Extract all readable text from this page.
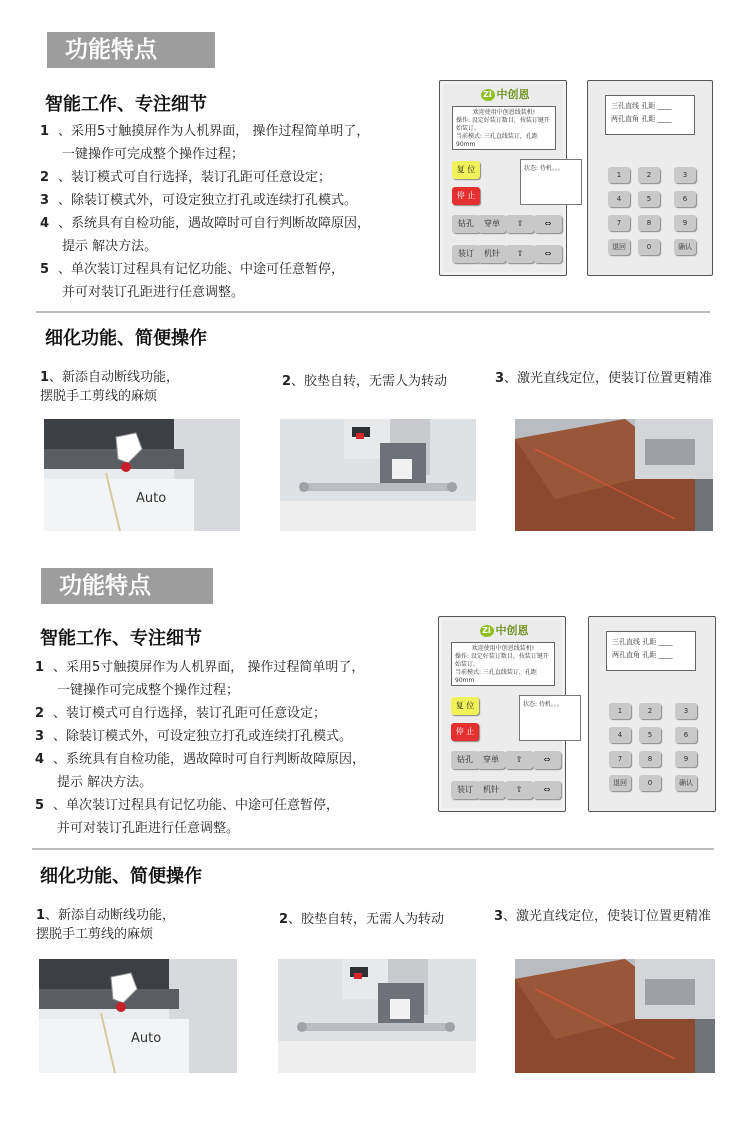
功能特点
智能工作、专注细节
1 、采用5寸触摸屏作为人机界面， 操作过程简单明了，
一键操作可完成整个操作过程；
2 、装订模式可自行选择，装订孔距可任意设定；
3 、除装订模式外，可设定独立打孔或连续打孔模式。
4 、系统具有自检功能，遇故障时可自行判断故障原因，
提示 解决方法。
5 、单次装订过程具有记忆功能、中途可任意暂停，
并可对装订孔距进行任意调整。
ZI 中创恩
欢迎使用中创恩线装机!
操作: 设定好装订数目，按装订键开始装订。
当前模式: 三孔直线装订，孔距90mm
复 位
停 止
状态: 待机。。。
钻孔	穿单	⇧	⇔
装订	机针	⇧	⇔
三孔直线 孔距 ____
两孔直角 孔距 ____
1	2	3
4	5	6
7	8	9
退回	0	确认
细化功能、简便操作
1、新添自动断线功能，
摆脱手工剪线的麻烦
2、胶垫自转，无需人为转动	3、激光直线定位，使装订位置更精准
Auto
功能特点
智能工作、专注细节
1 、采用5寸触摸屏作为人机界面， 操作过程简单明了，
一键操作可完成整个操作过程；
2 、装订模式可自行选择，装订孔距可任意设定；
3 、除装订模式外，可设定独立打孔或连续打孔模式。
4 、系统具有自检功能，遇故障时可自行判断故障原因，
提示 解决方法。
5 、单次装订过程具有记忆功能、中途可任意暂停，
并可对装订孔距进行任意调整。
ZI 中创恩
欢迎使用中创恩线装机!
操作: 设定好装订数目，按装订键开始装订。
当前模式: 三孔直线装订，孔距90mm
复 位
停 止
状态: 待机。。。
钻孔	穿单	⇧	⇔
装订	机针	⇧	⇔
三孔直线 孔距 ____
两孔直角 孔距 ____
1	2	3
4	5	6
7	8	9
退回	0	确认
细化功能、简便操作
1、新添自动断线功能，
摆脱手工剪线的麻烦
2、胶垫自转，无需人为转动	3、激光直线定位，使装订位置更精准
Auto
